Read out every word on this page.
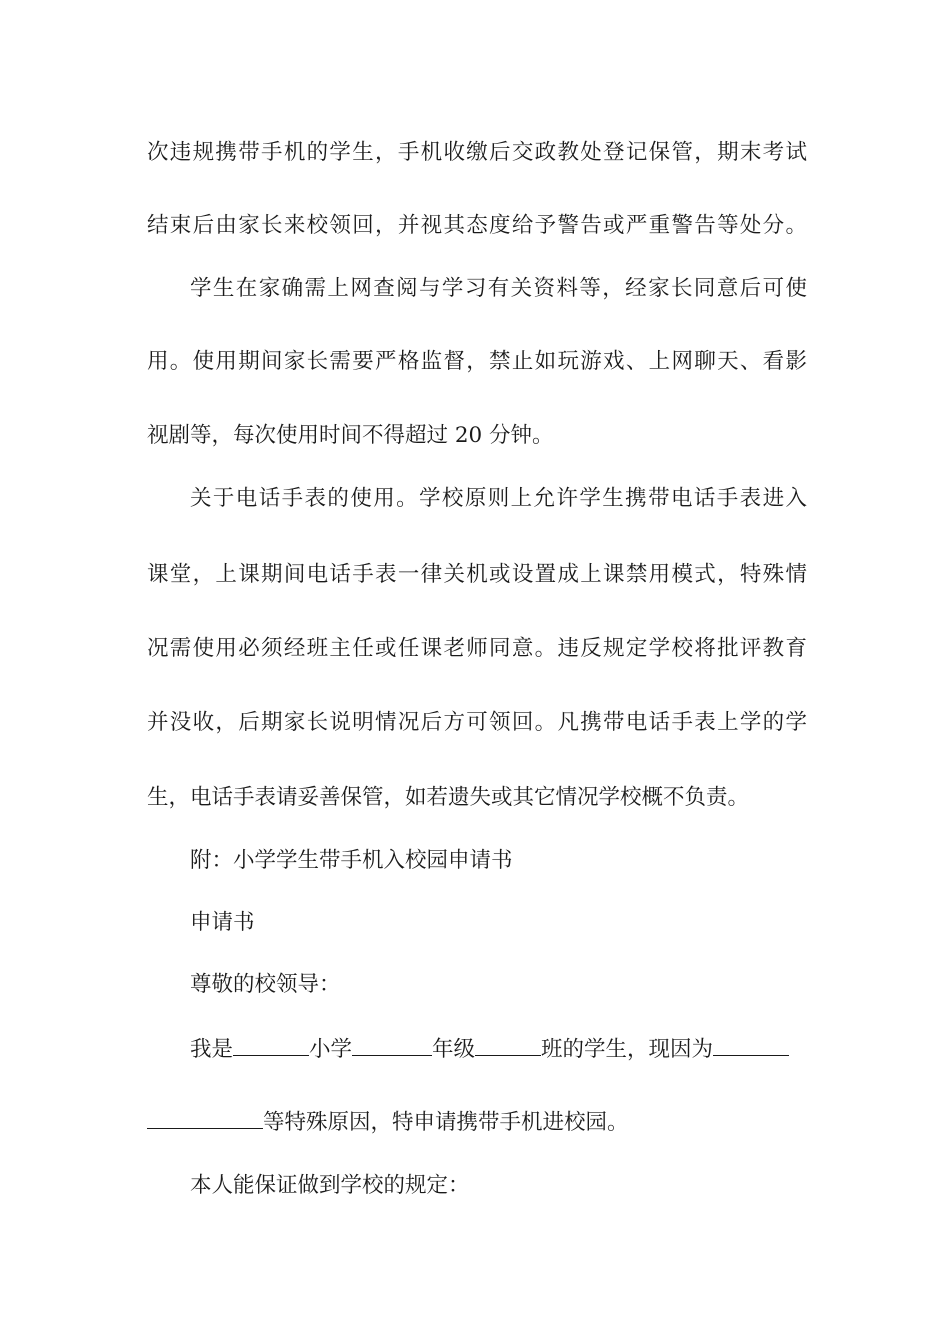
次违规携带手机的学生，手机收缴后交政教处登记保管，期末考试
结束后由家长来校领回，并视其态度给予警告或严重警告等处分。
学生在家确需上网查阅与学习有关资料等，经家长同意后可使
用。使用期间家长需要严格监督，禁止如玩游戏、上网聊天、看影
视剧等，每次使用时间不得超过 20 分钟。
关于电话手表的使用。学校原则上允许学生携带电话手表进入
课堂，上课期间电话手表一律关机或设置成上课禁用模式，特殊情
况需使用必须经班主任或任课老师同意。违反规定学校将批评教育
并没收，后期家长说明情况后方可领回。凡携带电话手表上学的学
生，电话手表请妥善保管，如若遗失或其它情况学校概不负责。
附：小学学生带手机入校园申请书
申请书
尊敬的校领导：
我是	小学	年级	班的学生，现因为
等特殊原因，特申请携带手机进校园。
本人能保证做到学校的规定：
